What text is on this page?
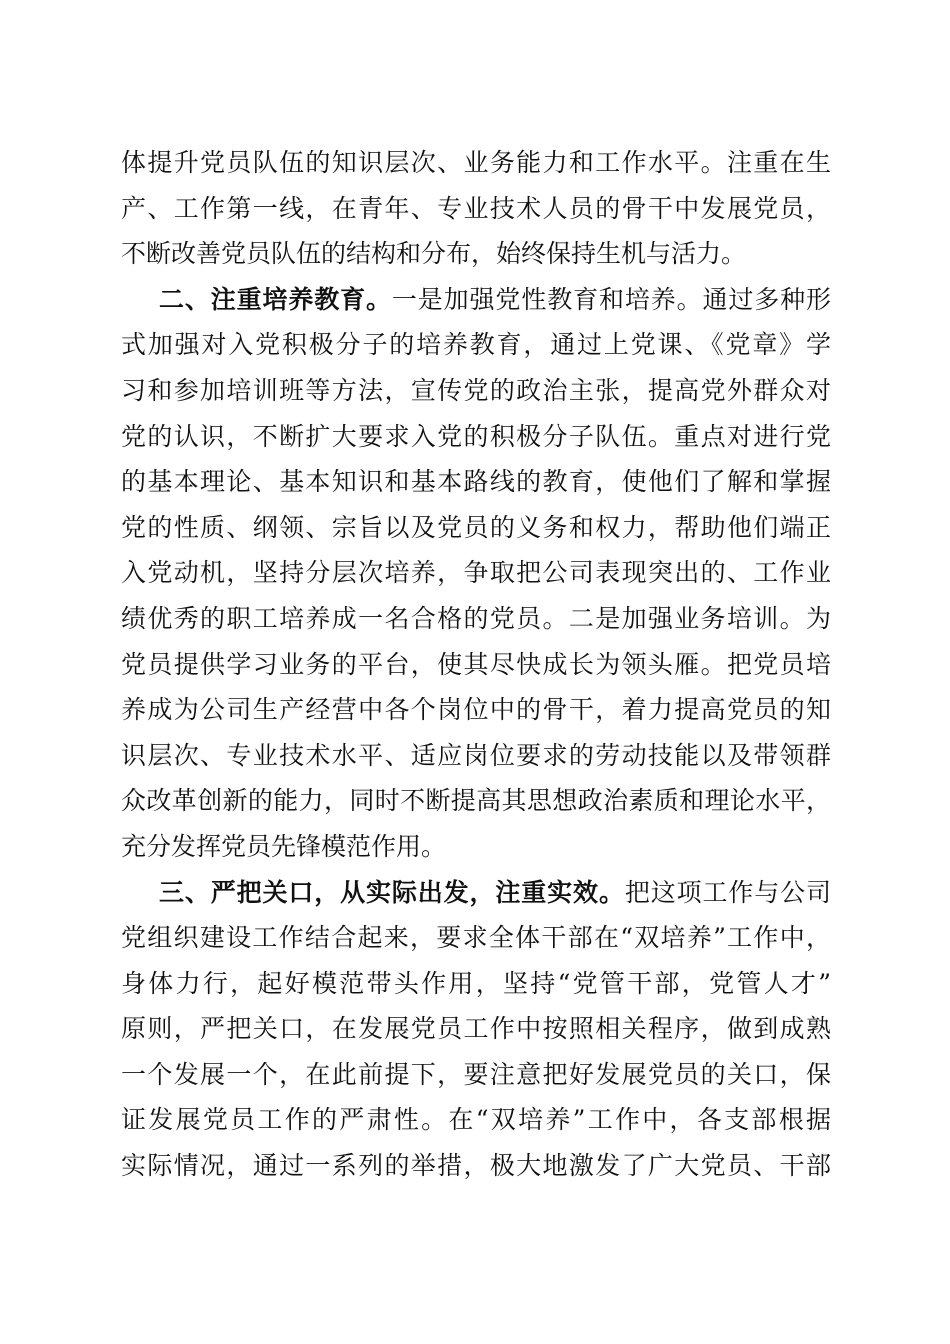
体提升党员队伍的知识层次、业务能力和工作水平。注重在生
产、工作第一线，在青年、专业技术人员的骨干中发展党员，
不断改善党员队伍的结构和分布，始终保持生机与活力。
二、注重培养教育。一是加强党性教育和培养。通过多种形
式加强对入党积极分子的培养教育，通过上党课、《党章》学
习和参加培训班等方法，宣传党的政治主张，提高党外群众对
党的认识，不断扩大要求入党的积极分子队伍。重点对进行党
的基本理论、基本知识和基本路线的教育，使他们了解和掌握
党的性质、纲领、宗旨以及党员的义务和权力，帮助他们端正
入党动机，坚持分层次培养，争取把公司表现突出的、工作业
绩优秀的职工培养成一名合格的党员。二是加强业务培训。为
党员提供学习业务的平台，使其尽快成长为领头雁。把党员培
养成为公司生产经营中各个岗位中的骨干，着力提高党员的知
识层次、专业技术水平、适应岗位要求的劳动技能以及带领群
众改革创新的能力，同时不断提高其思想政治素质和理论水平，
充分发挥党员先锋模范作用。
三、严把关口，从实际出发，注重实效。把这项工作与公司
党组织建设工作结合起来，要求全体干部在“双培养”工作中，
身体力行，起好模范带头作用，坚持“党管干部，党管人才”
原则，严把关口，在发展党员工作中按照相关程序，做到成熟
一个发展一个，在此前提下，要注意把好发展党员的关口，保
证发展党员工作的严肃性。在“双培养”工作中，各支部根据
实际情况，通过一系列的举措，极大地激发了广大党员、干部
